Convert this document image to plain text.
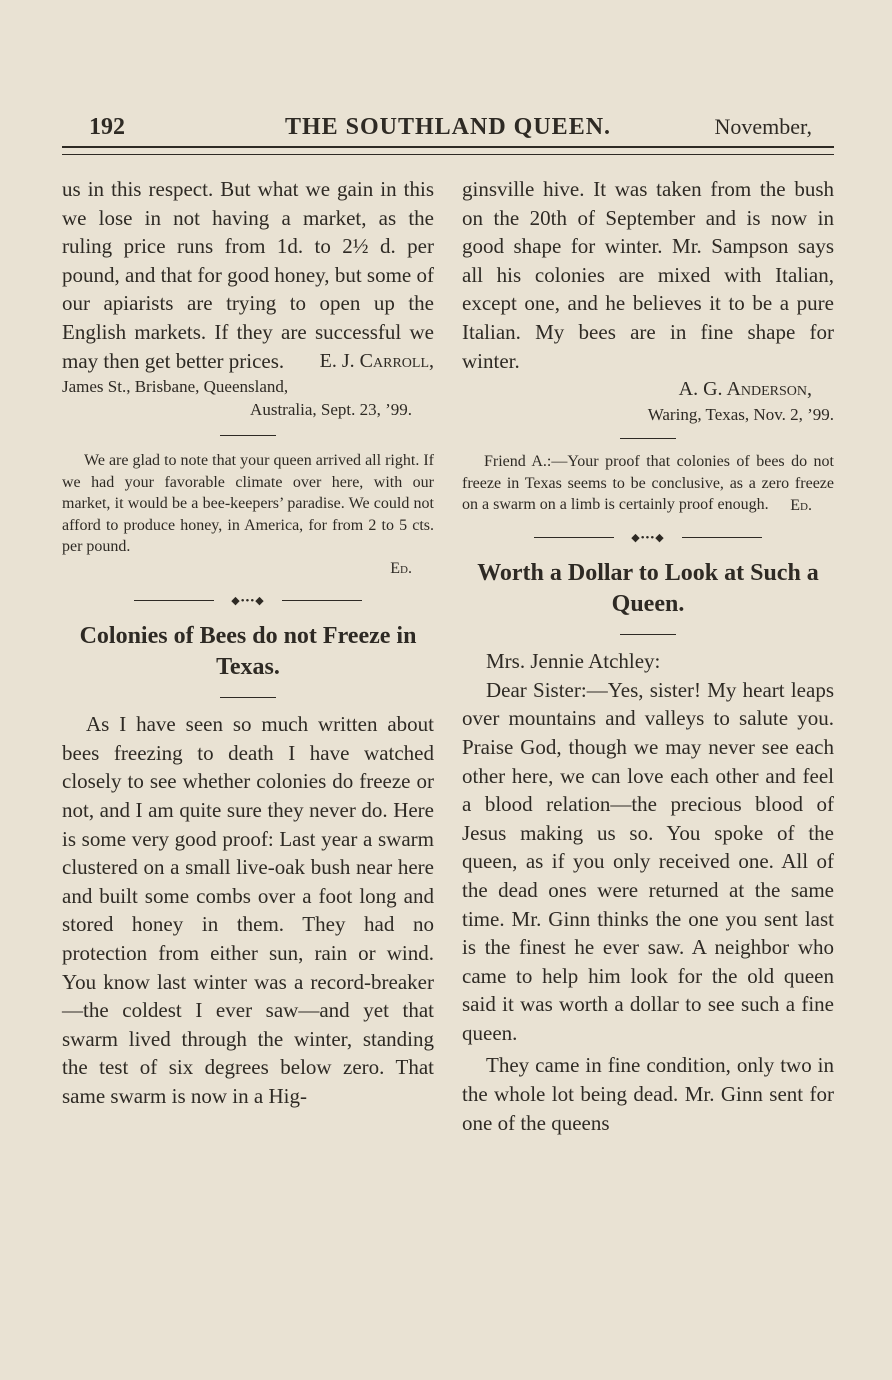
192	THE SOUTHLAND QUEEN.	November,

us in this respect. But what we gain in this we lose in not having a market, as the ruling price runs from 1d. to 2½ d. per pound, and that for good honey, but some of our apiarists are trying to open up the English markets. If they are successful we may then get better prices.	E. J. Carroll,

James St., Brisbane, Queensland,

Australia, Sept. 23, ’99.

We are glad to note that your queen arrived all right. If we had your favorable climate over here, with our market, it would be a bee-keepers’ paradise. We could not afford to produce honey, in America, for from 2 to 5 cts. per pound.

Ed.

◆•••◆
Colonies of Bees do not Freeze in Texas.

As I have seen so much written about bees freezing to death I have watched closely to see whether colonies do freeze or not, and I am quite sure they never do. Here is some very good proof: Last year a swarm clustered on a small live-oak bush near here and built some combs over a foot long and stored honey in them. They had no protection from either sun, rain or wind. You know last winter was a record-breaker—the coldest I ever saw—and yet that swarm lived through the winter, standing the test of six degrees below zero. That same swarm is now in a Hig-

ginsville hive. It was taken from the bush on the 20th of September and is now in good shape for winter. Mr. Sampson says all his colonies are mixed with Italian, except one, and he believes it to be a pure Italian. My bees are in fine shape for winter.

A. G. Anderson,

Waring, Texas, Nov. 2, ’99.

Friend A.:—Your proof that colonies of bees do not freeze in Texas seems to be conclusive, as a zero freeze on a swarm on a limb is certainly proof enough.	Ed.

◆•••◆
Worth a Dollar to Look at Such a Queen.

Mrs. Jennie Atchley:

Dear Sister:—Yes, sister! My heart leaps over mountains and valleys to salute you. Praise God, though we may never see each other here, we can love each other and feel a blood relation—the precious blood of Jesus making us so. You spoke of the queen, as if you only received one. All of the dead ones were returned at the same time. Mr. Ginn thinks the one you sent last is the finest he ever saw. A neighbor who came to help him look for the old queen said it was worth a dollar to see such a fine queen.

They came in fine condition, only two in the whole lot being dead. Mr. Ginn sent for one of the queens
